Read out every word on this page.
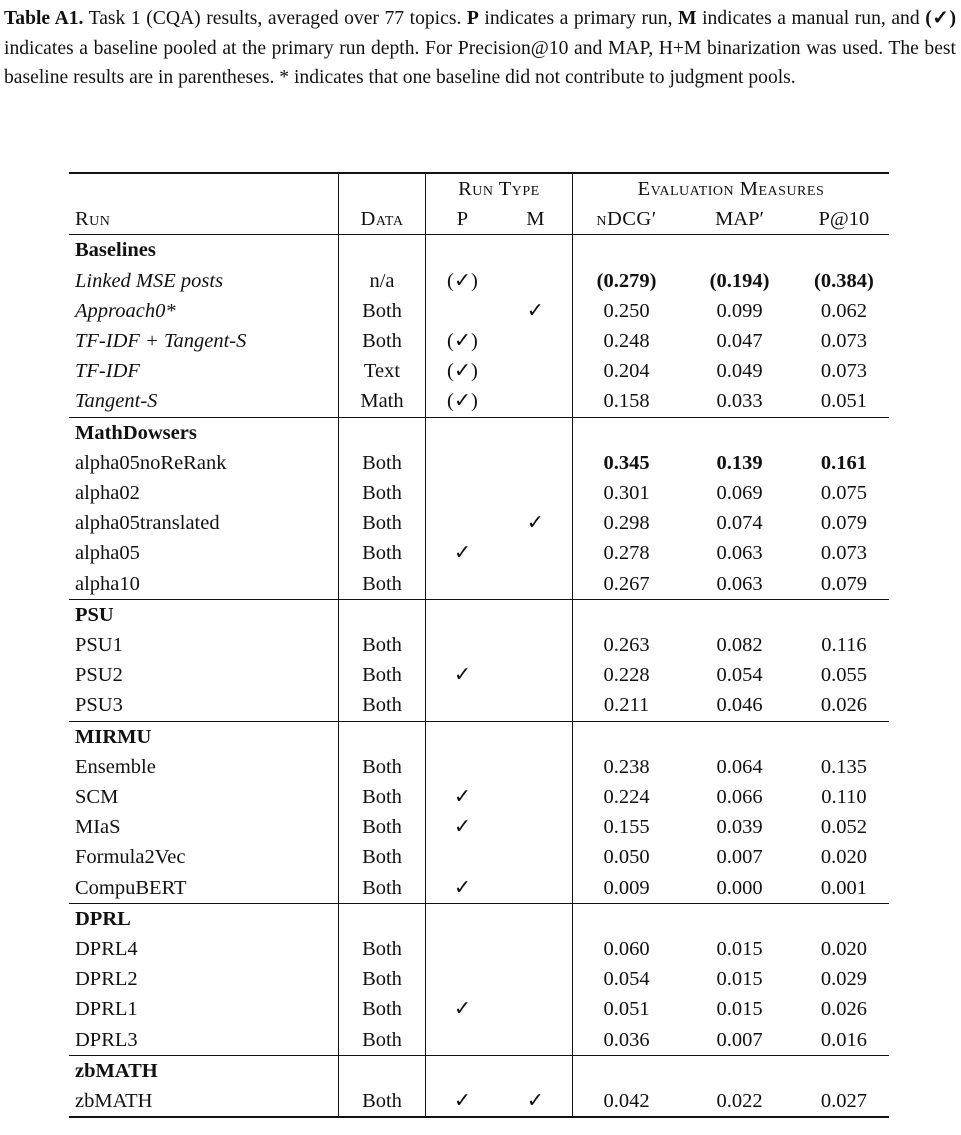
Table A1. Task 1 (CQA) results, averaged over 77 topics. P indicates a primary run, M indicates a manual run, and (✓) indicates a baseline pooled at the primary run depth. For Precision@10 and MAP, H+M binarization was used. The best baseline results are in parentheses. * indicates that one baseline did not contribute to judgment pools.
		Run Type		Evaluation Measures		
Run	Data	P	M	nDCG′	MAP′	P@10
Baselines						
Linked MSE posts	n/a	(✓)		(0.279)	(0.194)	(0.384)
Approach0*	Both		✓	0.250	0.099	0.062
TF-IDF + Tangent-S	Both	(✓)		0.248	0.047	0.073
TF-IDF	Text	(✓)		0.204	0.049	0.073
Tangent-S	Math	(✓)		0.158	0.033	0.051
MathDowsers						
alpha05noReRank	Both			0.345	0.139	0.161
alpha02	Both			0.301	0.069	0.075
alpha05translated	Both		✓	0.298	0.074	0.079
alpha05	Both	✓		0.278	0.063	0.073
alpha10	Both			0.267	0.063	0.079
PSU						
PSU1	Both			0.263	0.082	0.116
PSU2	Both	✓		0.228	0.054	0.055
PSU3	Both			0.211	0.046	0.026
MIRMU						
Ensemble	Both			0.238	0.064	0.135
SCM	Both	✓		0.224	0.066	0.110
MIaS	Both	✓		0.155	0.039	0.052
Formula2Vec	Both			0.050	0.007	0.020
CompuBERT	Both	✓		0.009	0.000	0.001
DPRL						
DPRL4	Both			0.060	0.015	0.020
DPRL2	Both			0.054	0.015	0.029
DPRL1	Both	✓		0.051	0.015	0.026
DPRL3	Both			0.036	0.007	0.016
zbMATH						
zbMATH	Both	✓	✓	0.042	0.022	0.027
